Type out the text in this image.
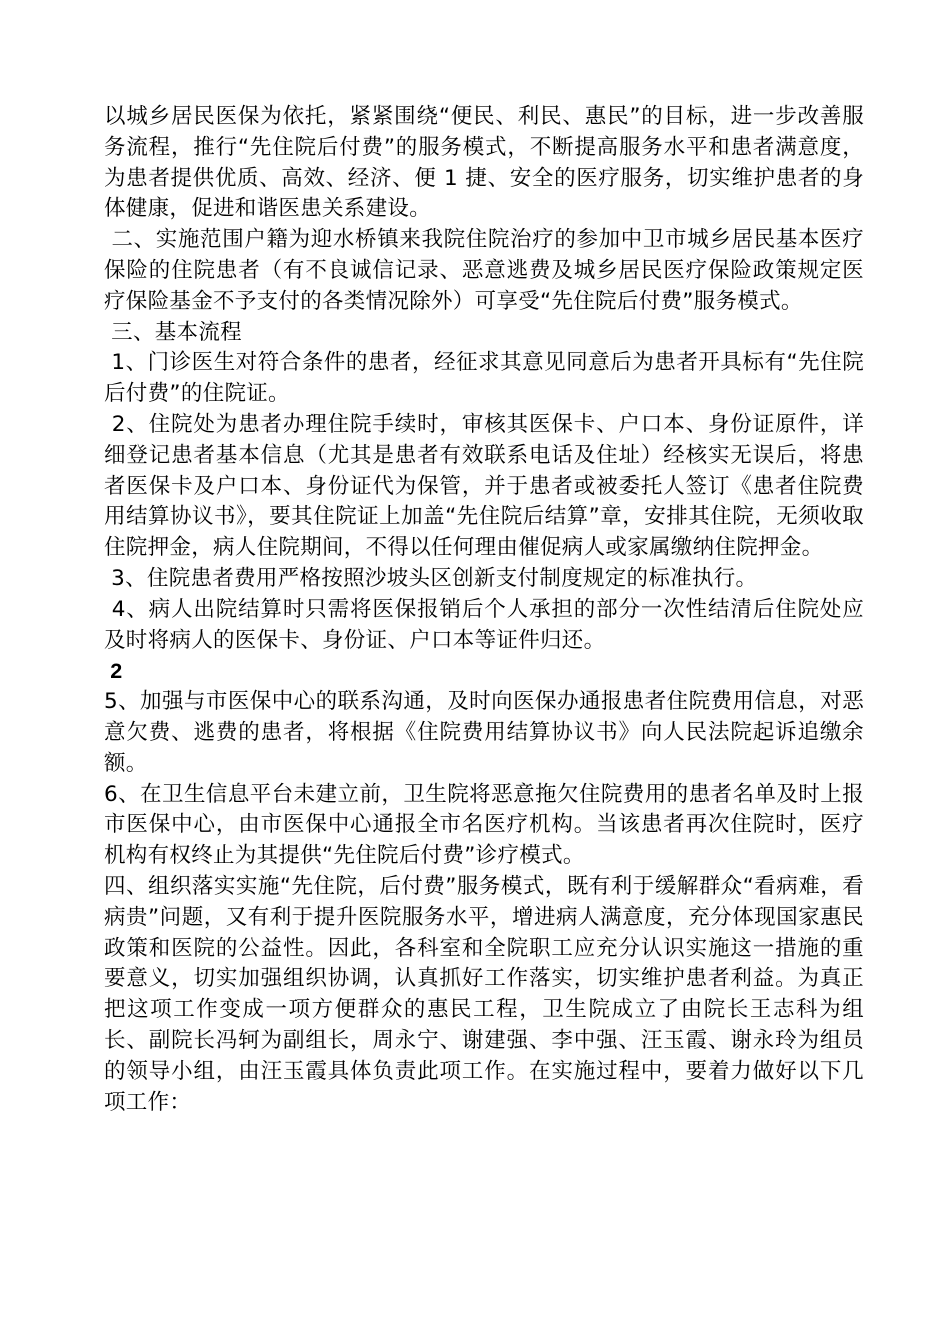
以城乡居民医保为依托，紧紧围绕“便民、利民、惠民”的目标，进一步改善服务流程，推行“先住院后付费”的服务模式，不断提高服务水平和患者满意度，为患者提供优质、高效、经济、便 1 捷、安全的医疗服务，切实维护患者的身体健康，促进和谐医患关系建设。

二、实施范围户籍为迎水桥镇来我院住院治疗的参加中卫市城乡居民基本医疗保险的住院患者（有不良诚信记录、恶意逃费及城乡居民医疗保险政策规定医疗保险基金不予支付的各类情况除外）可享受“先住院后付费”服务模式。

三、基本流程

1、门诊医生对符合条件的患者，经征求其意见同意后为患者开具标有“先住院后付费”的住院证。

2、住院处为患者办理住院手续时，审核其医保卡、户口本、身份证原件，详细登记患者基本信息（尤其是患者有效联系电话及住址）经核实无误后，将患者医保卡及户口本、身份证代为保管，并于患者或被委托人签订《患者住院费用结算协议书》，要其住院证上加盖“先住院后结算”章，安排其住院，无须收取住院押金，病人住院期间，不得以任何理由催促病人或家属缴纳住院押金。

3、住院患者费用严格按照沙坡头区创新支付制度规定的标准执行。

4、病人出院结算时只需将医保报销后个人承担的部分一次性结清后住院处应及时将病人的医保卡、身份证、户口本等证件归还。

2

5、加强与市医保中心的联系沟通，及时向医保办通报患者住院费用信息，对恶意欠费、逃费的患者，将根据《住院费用结算协议书》向人民法院起诉追缴余额。

6、在卫生信息平台未建立前，卫生院将恶意拖欠住院费用的患者名单及时上报市医保中心，由市医保中心通报全市名医疗机构。当该患者再次住院时，医疗机构有权终止为其提供“先住院后付费”诊疗模式。

四、组织落实实施“先住院，后付费”服务模式，既有利于缓解群众“看病难，看病贵”问题，又有利于提升医院服务水平，增进病人满意度，充分体现国家惠民政策和医院的公益性。因此，各科室和全院职工应充分认识实施这一措施的重要意义，切实加强组织协调，认真抓好工作落实，切实维护患者利益。为真正把这项工作变成一项方便群众的惠民工程，卫生院成立了由院长王志科为组长、副院长冯轲为副组长，周永宁、谢建强、李中强、汪玉霞、谢永玲为组员的领导小组，由汪玉霞具体负责此项工作。在实施过程中，要着力做好以下几项工作：
